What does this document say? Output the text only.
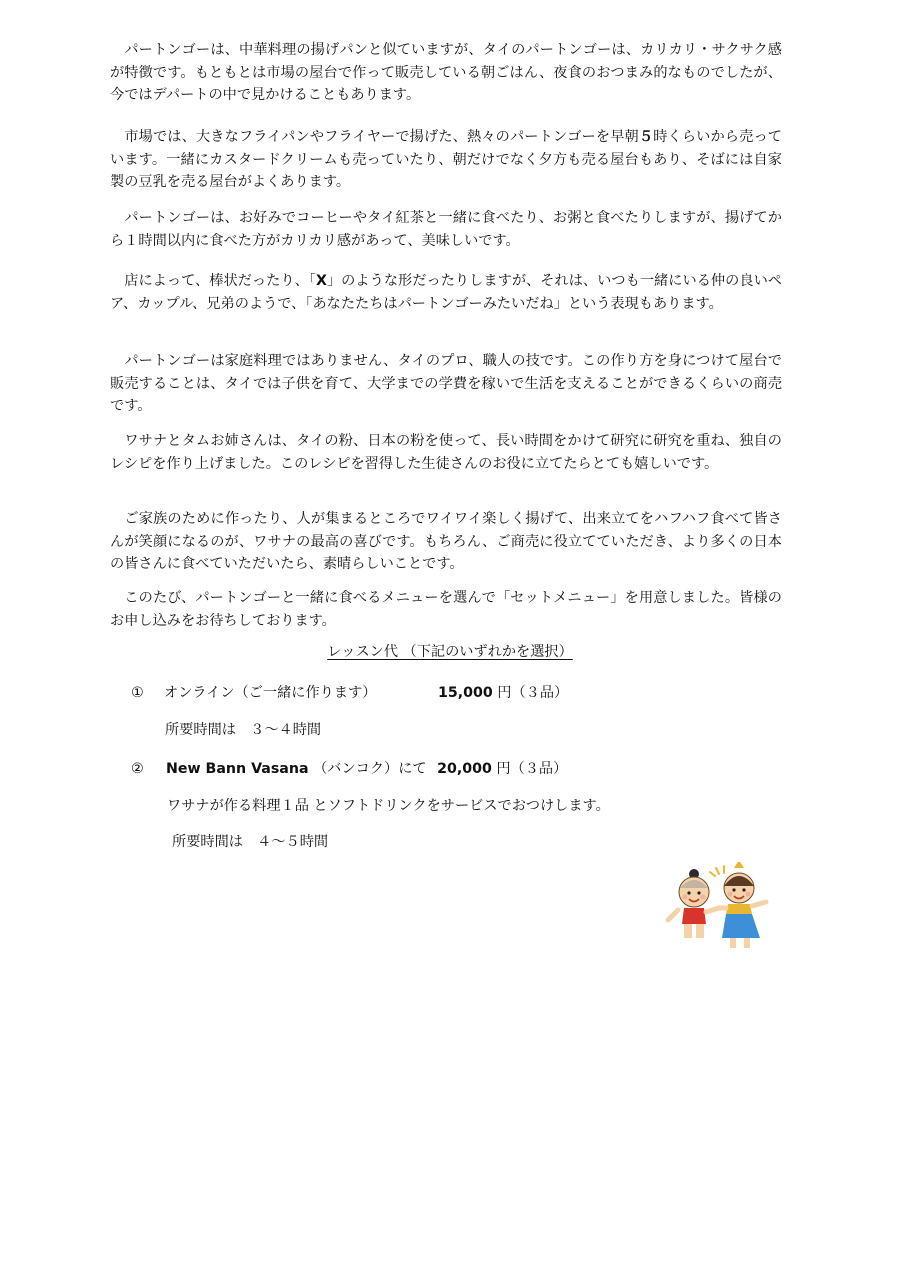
　パートンゴーは、中華料理の揚げパンと似ていますが、タイのパートンゴーは、カリカリ・サクサク感が特徴です。もともとは市場の屋台で作って販売している朝ごはん、夜食のおつまみ的なものでしたが、今ではデパートの中で見かけることもあります。

　市場では、大きなフライパンやフライヤーで揚げた、熱々のパートンゴーを早朝５時くらいから売っています。一緒にカスタードクリームも売っていたり、朝だけでなく夕方も売る屋台もあり、そばには自家製の豆乳を売る屋台がよくあります。

　パートンゴーは、お好みでコーヒーやタイ紅茶と一緒に食べたり、お粥と食べたりしますが、揚げてから１時間以内に食べた方がカリカリ感があって、美味しいです。

　店によって、棒状だったり、「X」のような形だったりしますが、それは、いつも一緒にいる仲の良いペア、カップル、兄弟のようで、「あなたたちはパートンゴーみたいだね」という表現もあります。

　パートンゴーは家庭料理ではありません、タイのプロ、職人の技です。この作り方を身につけて屋台で販売することは、タイでは子供を育て、大学までの学費を稼いで生活を支えることができるくらいの商売です。

　ワサナとタムお姉さんは、タイの粉、日本の粉を使って、長い時間をかけて研究に研究を重ね、独自のレシピを作り上げました。このレシピを習得した生徒さんのお役に立てたらとても嬉しいです。

　ご家族のために作ったり、人が集まるところでワイワイ楽しく揚げて、出来立てをハフハフ食べて皆さんが笑顔になるのが、ワサナの最高の喜びです。もちろん、ご商売に役立てていただき、より多くの日本の皆さんに食べていただいたら、素晴らしいことです。

　このたび、パートンゴーと一緒に食べるメニューを選んで「セットメニュー」を用意しました。皆様のお申し込みをお待ちしております。

レッスン代 （下記のいずれかを選択）
① オンライン（ご一緒に作ります）	15,000 円（３品）
所要時間は　３～４時間
② New Bann Vasana （バンコク）にて 20,000 円（３品）
ワサナが作る料理１品 とソフトドリンクをサービスでおつけします。
所要時間は　４～５時間
